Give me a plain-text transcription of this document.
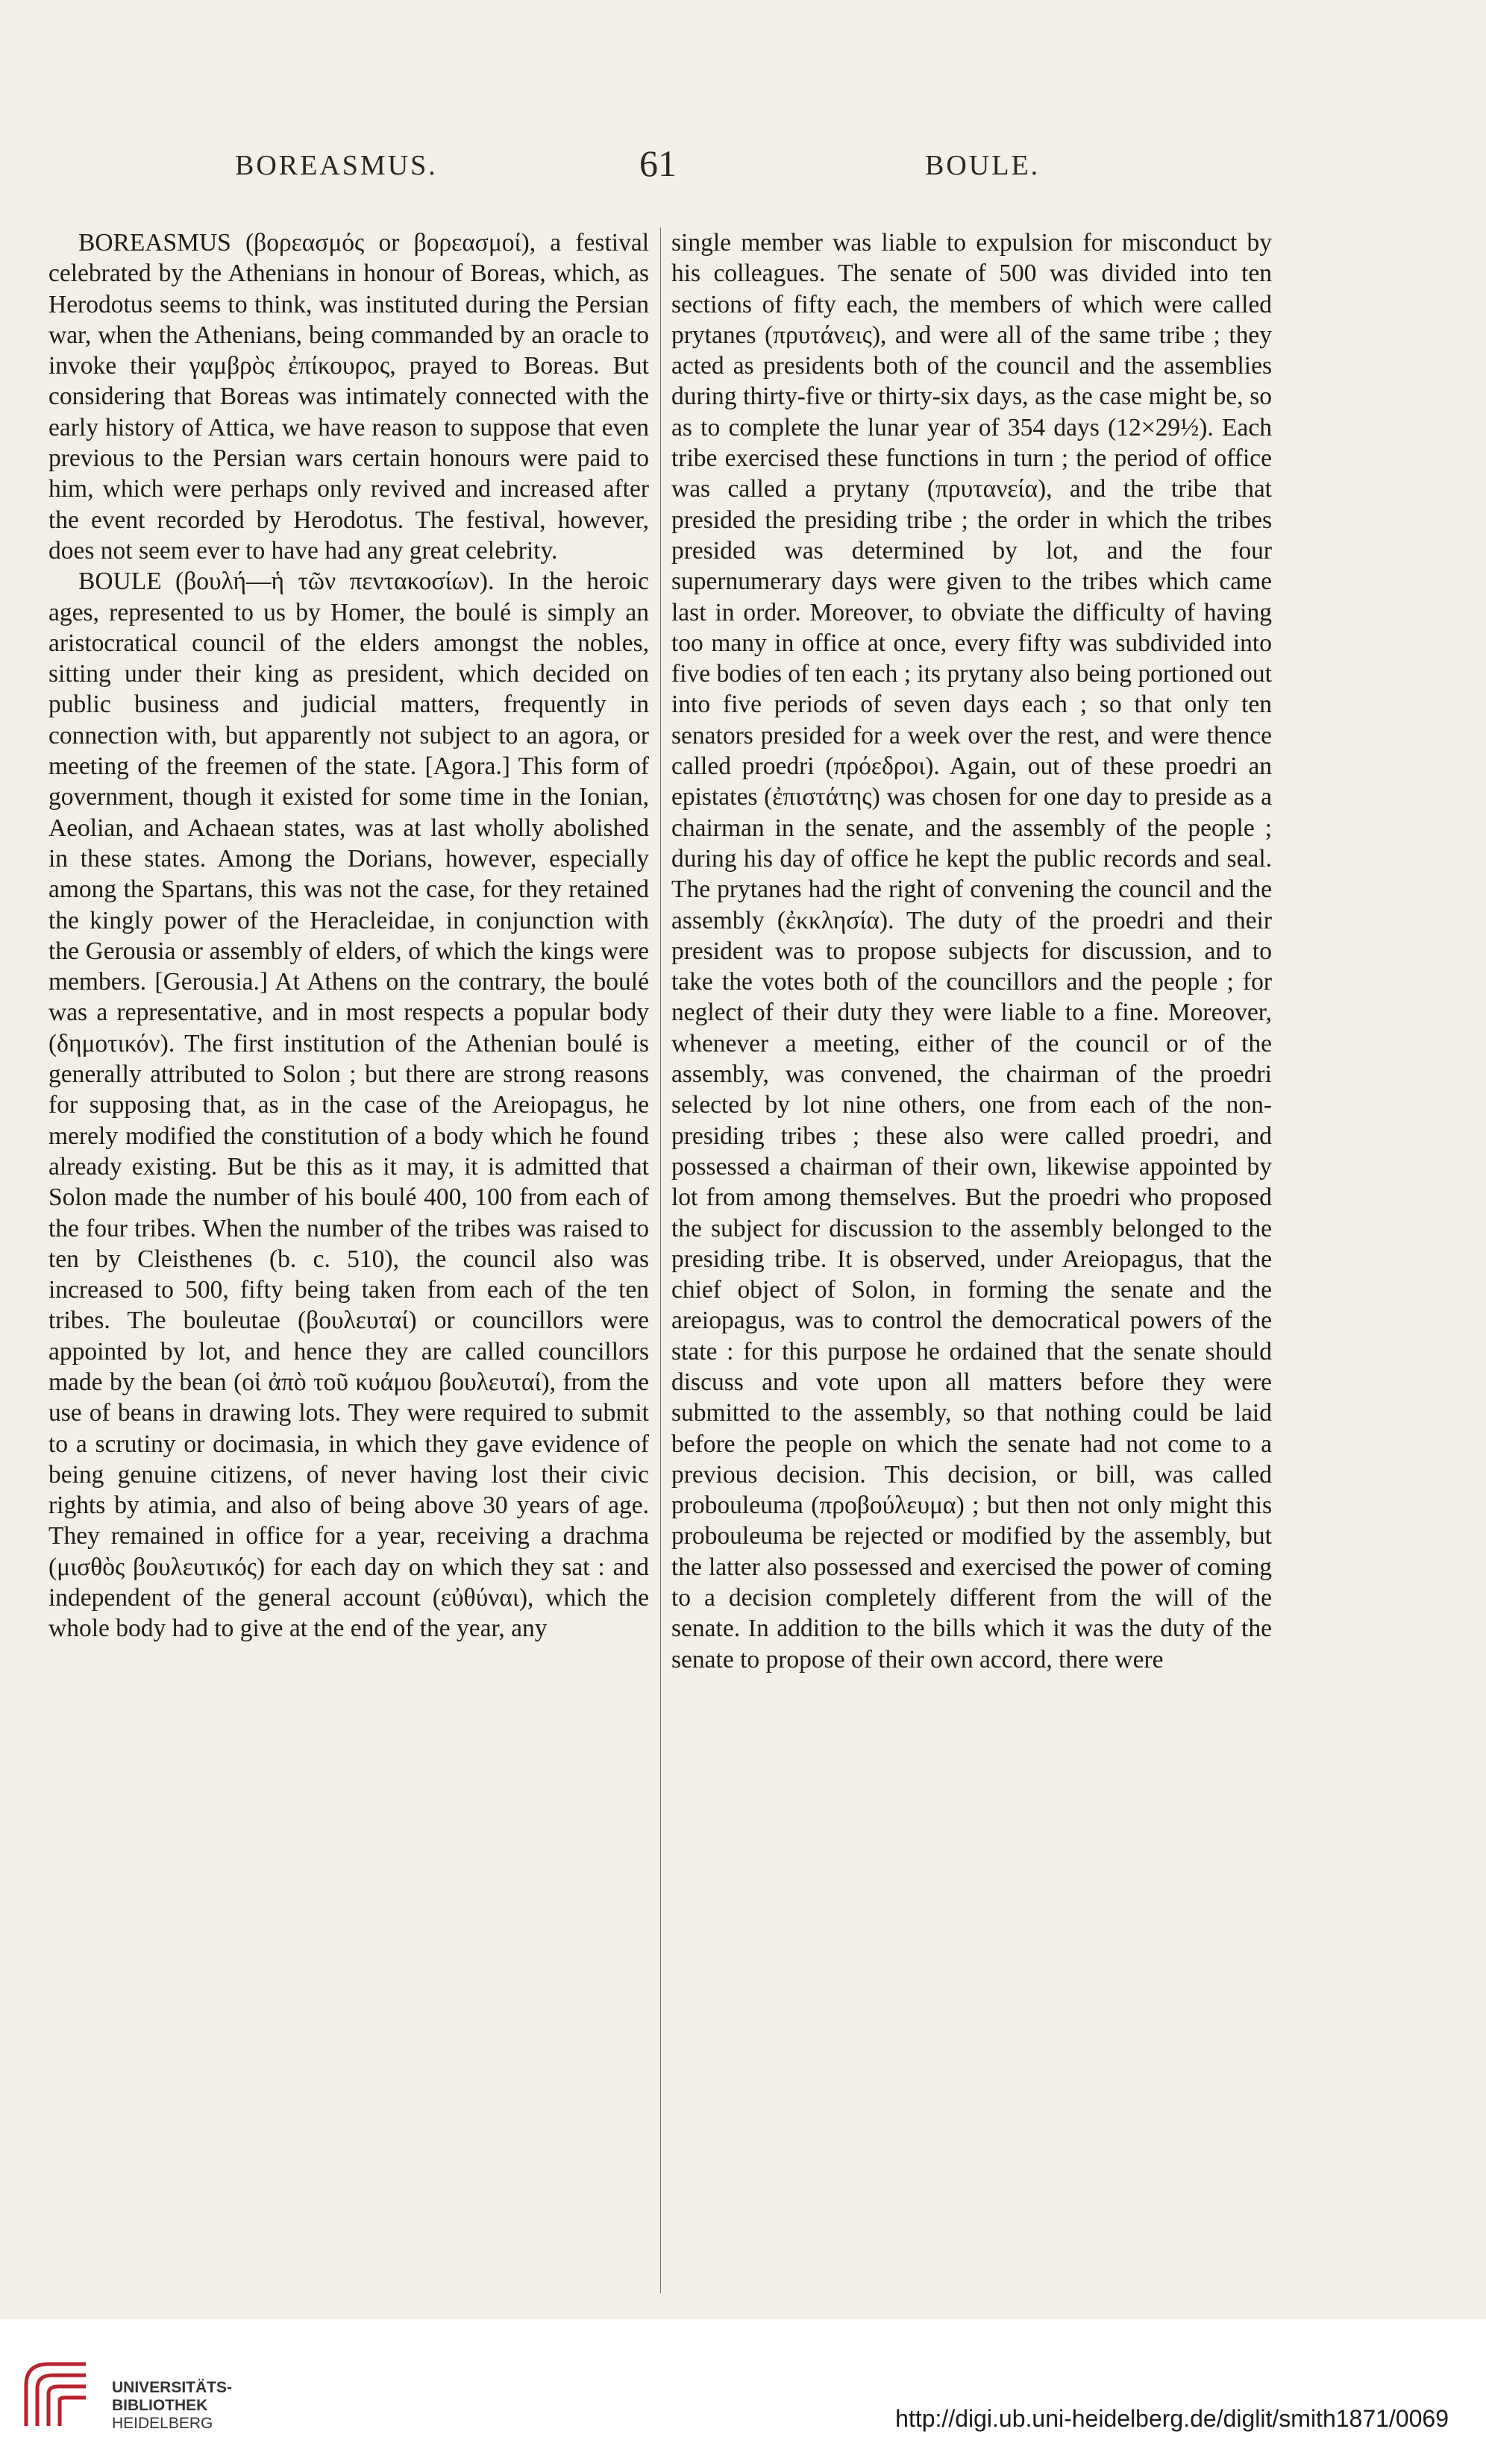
BOREASMUS.	61	BOULE.

BOREASMUS (βορεασμός or βορεασμοί), a festival celebrated by the Athenians in honour of Boreas, which, as Herodotus seems to think, was instituted during the Persian war, when the Athenians, being commanded by an oracle to invoke their γαμβρὸς ἐπίκουρος, prayed to Boreas. But considering that Boreas was intimately connected with the early history of Attica, we have reason to suppose that even previous to the Persian wars certain honours were paid to him, which were perhaps only revived and increased after the event recorded by Herodotus. The festival, however, does not seem ever to have had any great celebrity.

BOULE (βουλή—ἡ τῶν πεντακοσίων). In the heroic ages, represented to us by Homer, the boulé is simply an aristocratical council of the elders amongst the nobles, sitting under their king as president, which decided on public business and judicial matters, frequently in connection with, but apparently not subject to an agora, or meeting of the freemen of the state. [Agora.] This form of government, though it existed for some time in the Ionian, Aeolian, and Achaean states, was at last wholly abolished in these states. Among the Dorians, however, especially among the Spartans, this was not the case, for they retained the kingly power of the Heracleidae, in conjunction with the Gerousia or assembly of elders, of which the kings were members. [Gerousia.] At Athens on the contrary, the boulé was a representative, and in most respects a popular body (δημοτικόν). The first institution of the Athenian boulé is generally attributed to Solon ; but there are strong reasons for supposing that, as in the case of the Areiopagus, he merely modified the constitution of a body which he found already existing. But be this as it may, it is admitted that Solon made the number of his boulé 400, 100 from each of the four tribes. When the number of the tribes was raised to ten by Cleisthenes (b. c. 510), the council also was increased to 500, fifty being taken from each of the ten tribes. The bouleutae (βουλευταί) or councillors were appointed by lot, and hence they are called councillors made by the bean (οἱ ἀπὸ τοῦ κυάμου βουλευταί), from the use of beans in drawing lots. They were required to submit to a scrutiny or docimasia, in which they gave evidence of being genuine citizens, of never having lost their civic rights by atimia, and also of being above 30 years of age. They remained in office for a year, receiving a drachma (μισθὸς βουλευτικός) for each day on which they sat : and independent of the general account (εὐθύναι), which the whole body had to give at the end of the year, any

single member was liable to expulsion for misconduct by his colleagues. The senate of 500 was divided into ten sections of fifty each, the members of which were called prytanes (πρυτάνεις), and were all of the same tribe ; they acted as presidents both of the council and the assemblies during thirty-five or thirty-six days, as the case might be, so as to complete the lunar year of 354 days (12×29½). Each tribe exercised these functions in turn ; the period of office was called a prytany (πρυτανεία), and the tribe that presided the presiding tribe ; the order in which the tribes presided was determined by lot, and the four supernumerary days were given to the tribes which came last in order. Moreover, to obviate the difficulty of having too many in office at once, every fifty was subdivided into five bodies of ten each ; its prytany also being portioned out into five periods of seven days each ; so that only ten senators presided for a week over the rest, and were thence called proedri (πρόεδροι). Again, out of these proedri an epistates (ἐπιστάτης) was chosen for one day to preside as a chairman in the senate, and the assembly of the people ; during his day of office he kept the public records and seal. The prytanes had the right of convening the council and the assembly (ἐκκλησία). The duty of the proedri and their president was to propose subjects for discussion, and to take the votes both of the councillors and the people ; for neglect of their duty they were liable to a fine. Moreover, whenever a meeting, either of the council or of the assembly, was convened, the chairman of the proedri selected by lot nine others, one from each of the non-presiding tribes ; these also were called proedri, and possessed a chairman of their own, likewise appointed by lot from among themselves. But the proedri who proposed the subject for discussion to the assembly belonged to the presiding tribe. It is observed, under Areiopagus, that the chief object of Solon, in forming the senate and the areiopagus, was to control the democratical powers of the state : for this purpose he ordained that the senate should discuss and vote upon all matters before they were submitted to the assembly, so that nothing could be laid before the people on which the senate had not come to a previous decision. This decision, or bill, was called probouleuma (προβούλευμα) ; but then not only might this probouleuma be rejected or modified by the assembly, but the latter also possessed and exercised the power of coming to a decision completely different from the will of the senate. In addition to the bills which it was the duty of the senate to propose of their own accord, there were

UNIVERSITÄTS-
BIBLIOTHEK
HEIDELBERG	http://digi.ub.uni-heidelberg.de/diglit/smith1871/0069
